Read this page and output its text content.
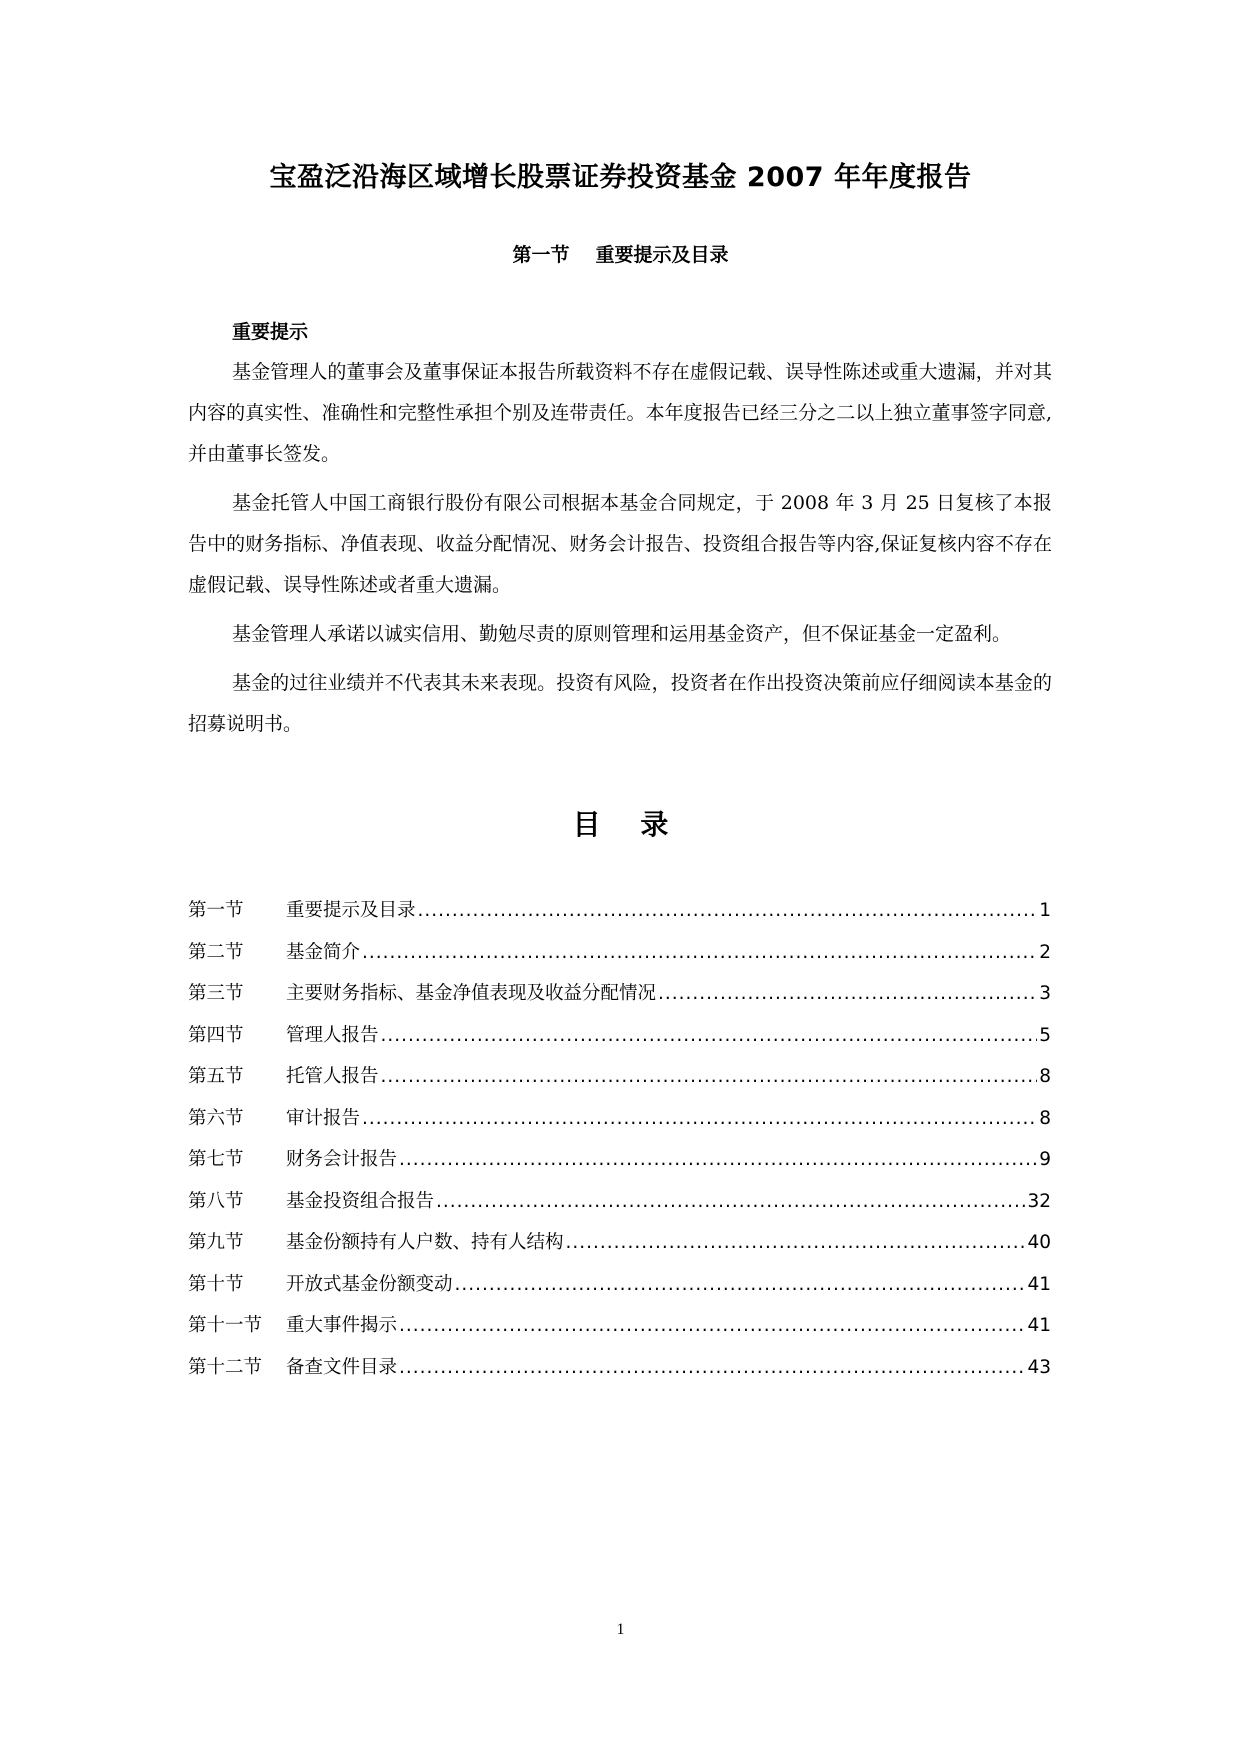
宝盈泛沿海区域增长股票证券投资基金 2007 年年度报告
第一节 重要提示及目录
重要提示

基金管理人的董事会及董事保证本报告所载资料不存在虚假记载、误导性陈述或重大遗漏，并对其内容的真实性、准确性和完整性承担个别及连带责任。本年度报告已经三分之二以上独立董事签字同意,并由董事长签发。

基金托管人中国工商银行股份有限公司根据本基金合同规定，于 2008 年 3 月 25 日复核了本报告中的财务指标、净值表现、收益分配情况、财务会计报告、投资组合报告等内容,保证复核内容不存在虚假记载、误导性陈述或者重大遗漏。

基金管理人承诺以诚实信用、勤勉尽责的原则管理和运用基金资产，但不保证基金一定盈利。

基金的过往业绩并不代表其未来表现。投资有风险，投资者在作出投资决策前应仔细阅读本基金的招募说明书。

目 录
第一节	重要提示及目录 .....	1
第二节	基金简介 .....	2
第三节	主要财务指标、基金净值表现及收益分配情况 .....	3
第四节	管理人报告 .....	5
第五节	托管人报告 .....	8
第六节	审计报告 .....	8
第七节	财务会计报告 .....	9
第八节	基金投资组合报告 .....	32
第九节	基金份额持有人户数、持有人结构 .....	40
第十节	开放式基金份额变动 .....	41
第十一节	重大事件揭示 .....	41
第十二节	备查文件目录 .....	43
1
